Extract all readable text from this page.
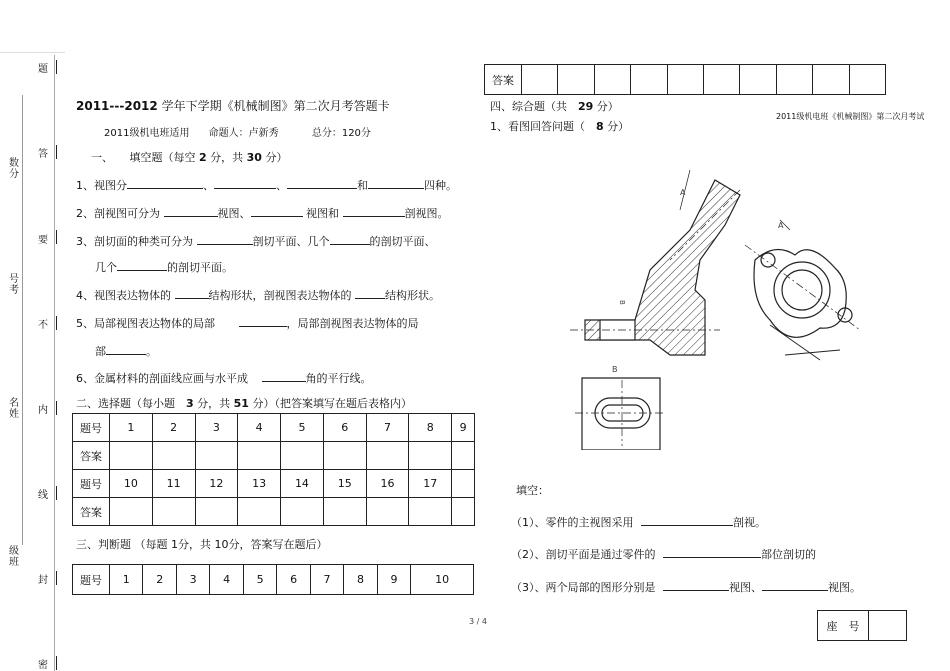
题
答
要
不
内
线
封
密
数
分
号
考
名
姓
级
班
2011---2012 学年下学期《机械制图》第二次月考答题卡
2011级机电班适用 命题人：卢新秀	总分：120分
一、　　填空题（每空 2 分，共 30 分）
1、视图分	、	、	和	四种。
2、剖视图可分为	视图、	视图和	剖视图。
3、剖切面的种类可分为	剖切平面、几个	的剖切平面、
几个	的剖切平面。
4、视图表达物体的	结构形状，剖视图表达物体的	结构形状。
5、局部视图表达物体的局部	，局部剖视图表达物体的局
部	。
6、金属材料的剖面线应画与水平成	角的平行线。
二、选择题（每小题　3 分，共 51 分）（把答案填写在题后表格内）
题号	1	2	3	4	5	6	7	8	9
答案									
题号	10	11	12	13	14	15	16	17	
答案									
三、判断题 （每题 1分，共 10分，答案写在题后）
题号	1	2	3	4	5	6	7	8	9	10
3 / 4
答案										
四、综合题（共　29 分）
2011级机电班《机械制图》第二次月考试
1、看图回答问题（　8 分）
A
B
A
B
填空：
（1）、零件的主视图采用	剖视。
（2）、剖切平面是通过零件的	部位剖切的
（3）、两个局部的图形分别是	视图、	视图。
座　号	
